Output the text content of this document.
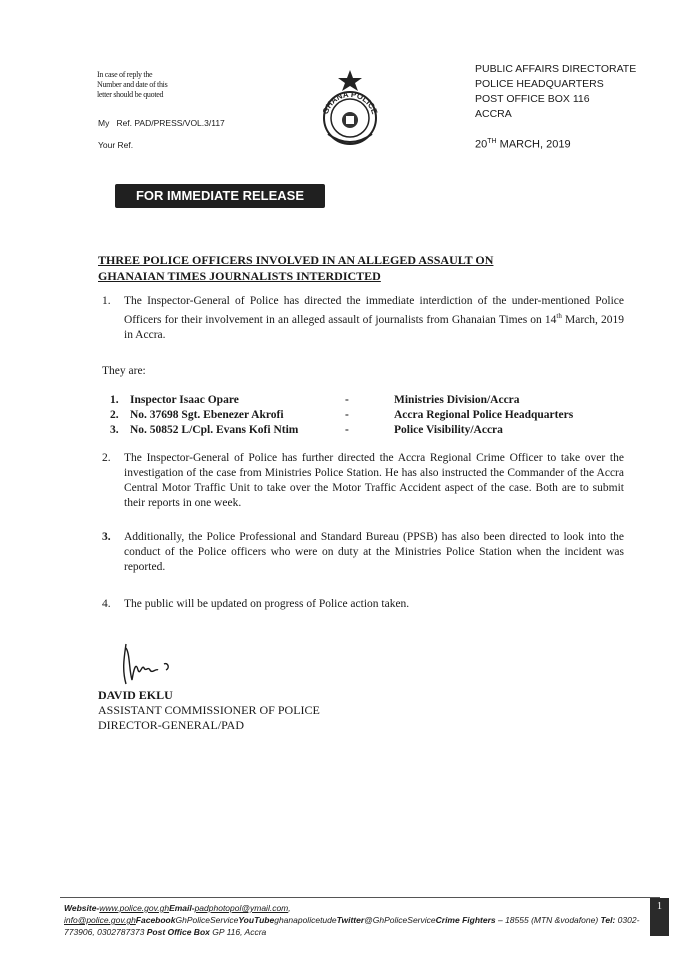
In case of reply the
Number and date of this
letter should be quoted
My Ref. PAD/PRESS/VOL.3/117
Your Ref.
GHANA POLICE
PUBLIC AFFAIRS DIRECTORATE
POLICE HEADQUARTERS
POST OFFICE BOX 116
ACCRA
20TH MARCH, 2019
FOR IMMEDIATE RELEASE
THREE POLICE OFFICERS INVOLVED IN AN ALLEGED ASSAULT ON
GHANAIAN TIMES JOURNALISTS INTERDICTED
1. The Inspector-General of Police has directed the immediate interdiction of the under-mentioned Police Officers for their involvement in an alleged assault of journalists from Ghanaian Times on 14th March, 2019 in Accra.
They are:
1. Inspector Isaac Opare	-	Ministries Division/Accra
2. No. 37698 Sgt. Ebenezer Akrofi	-	Accra Regional Police Headquarters
3. No. 50852 L/Cpl. Evans Kofi Ntim	-	Police Visibility/Accra
2. The Inspector-General of Police has further directed the Accra Regional Crime Officer to take over the investigation of the case from Ministries Police Station. He has also instructed the Commander of the Accra Central Motor Traffic Unit to take over the Motor Traffic Accident aspect of the case. Both are to submit their reports in one week.
3. Additionally, the Police Professional and Standard Bureau (PPSB) has also been directed to look into the conduct of the Police officers who were on duty at the Ministries Police Station when the incident was reported.
4. The public will be updated on progress of Police action taken.
DAVID EKLU
ASSISTANT COMMISSIONER OF POLICE
DIRECTOR-GENERAL/PAD
Website-www.police.gov.ghEmail-padphotopol@ymail.com, info@police.gov.ghFacebookGhPoliceServiceYouTubeghanapolicetudeTwitter@GhPoliceServiceCrime Fighters – 18555 (MTN &vodafone) Tel: 0302-773906, 0302787373 Post Office Box GP 116, Accra
1
